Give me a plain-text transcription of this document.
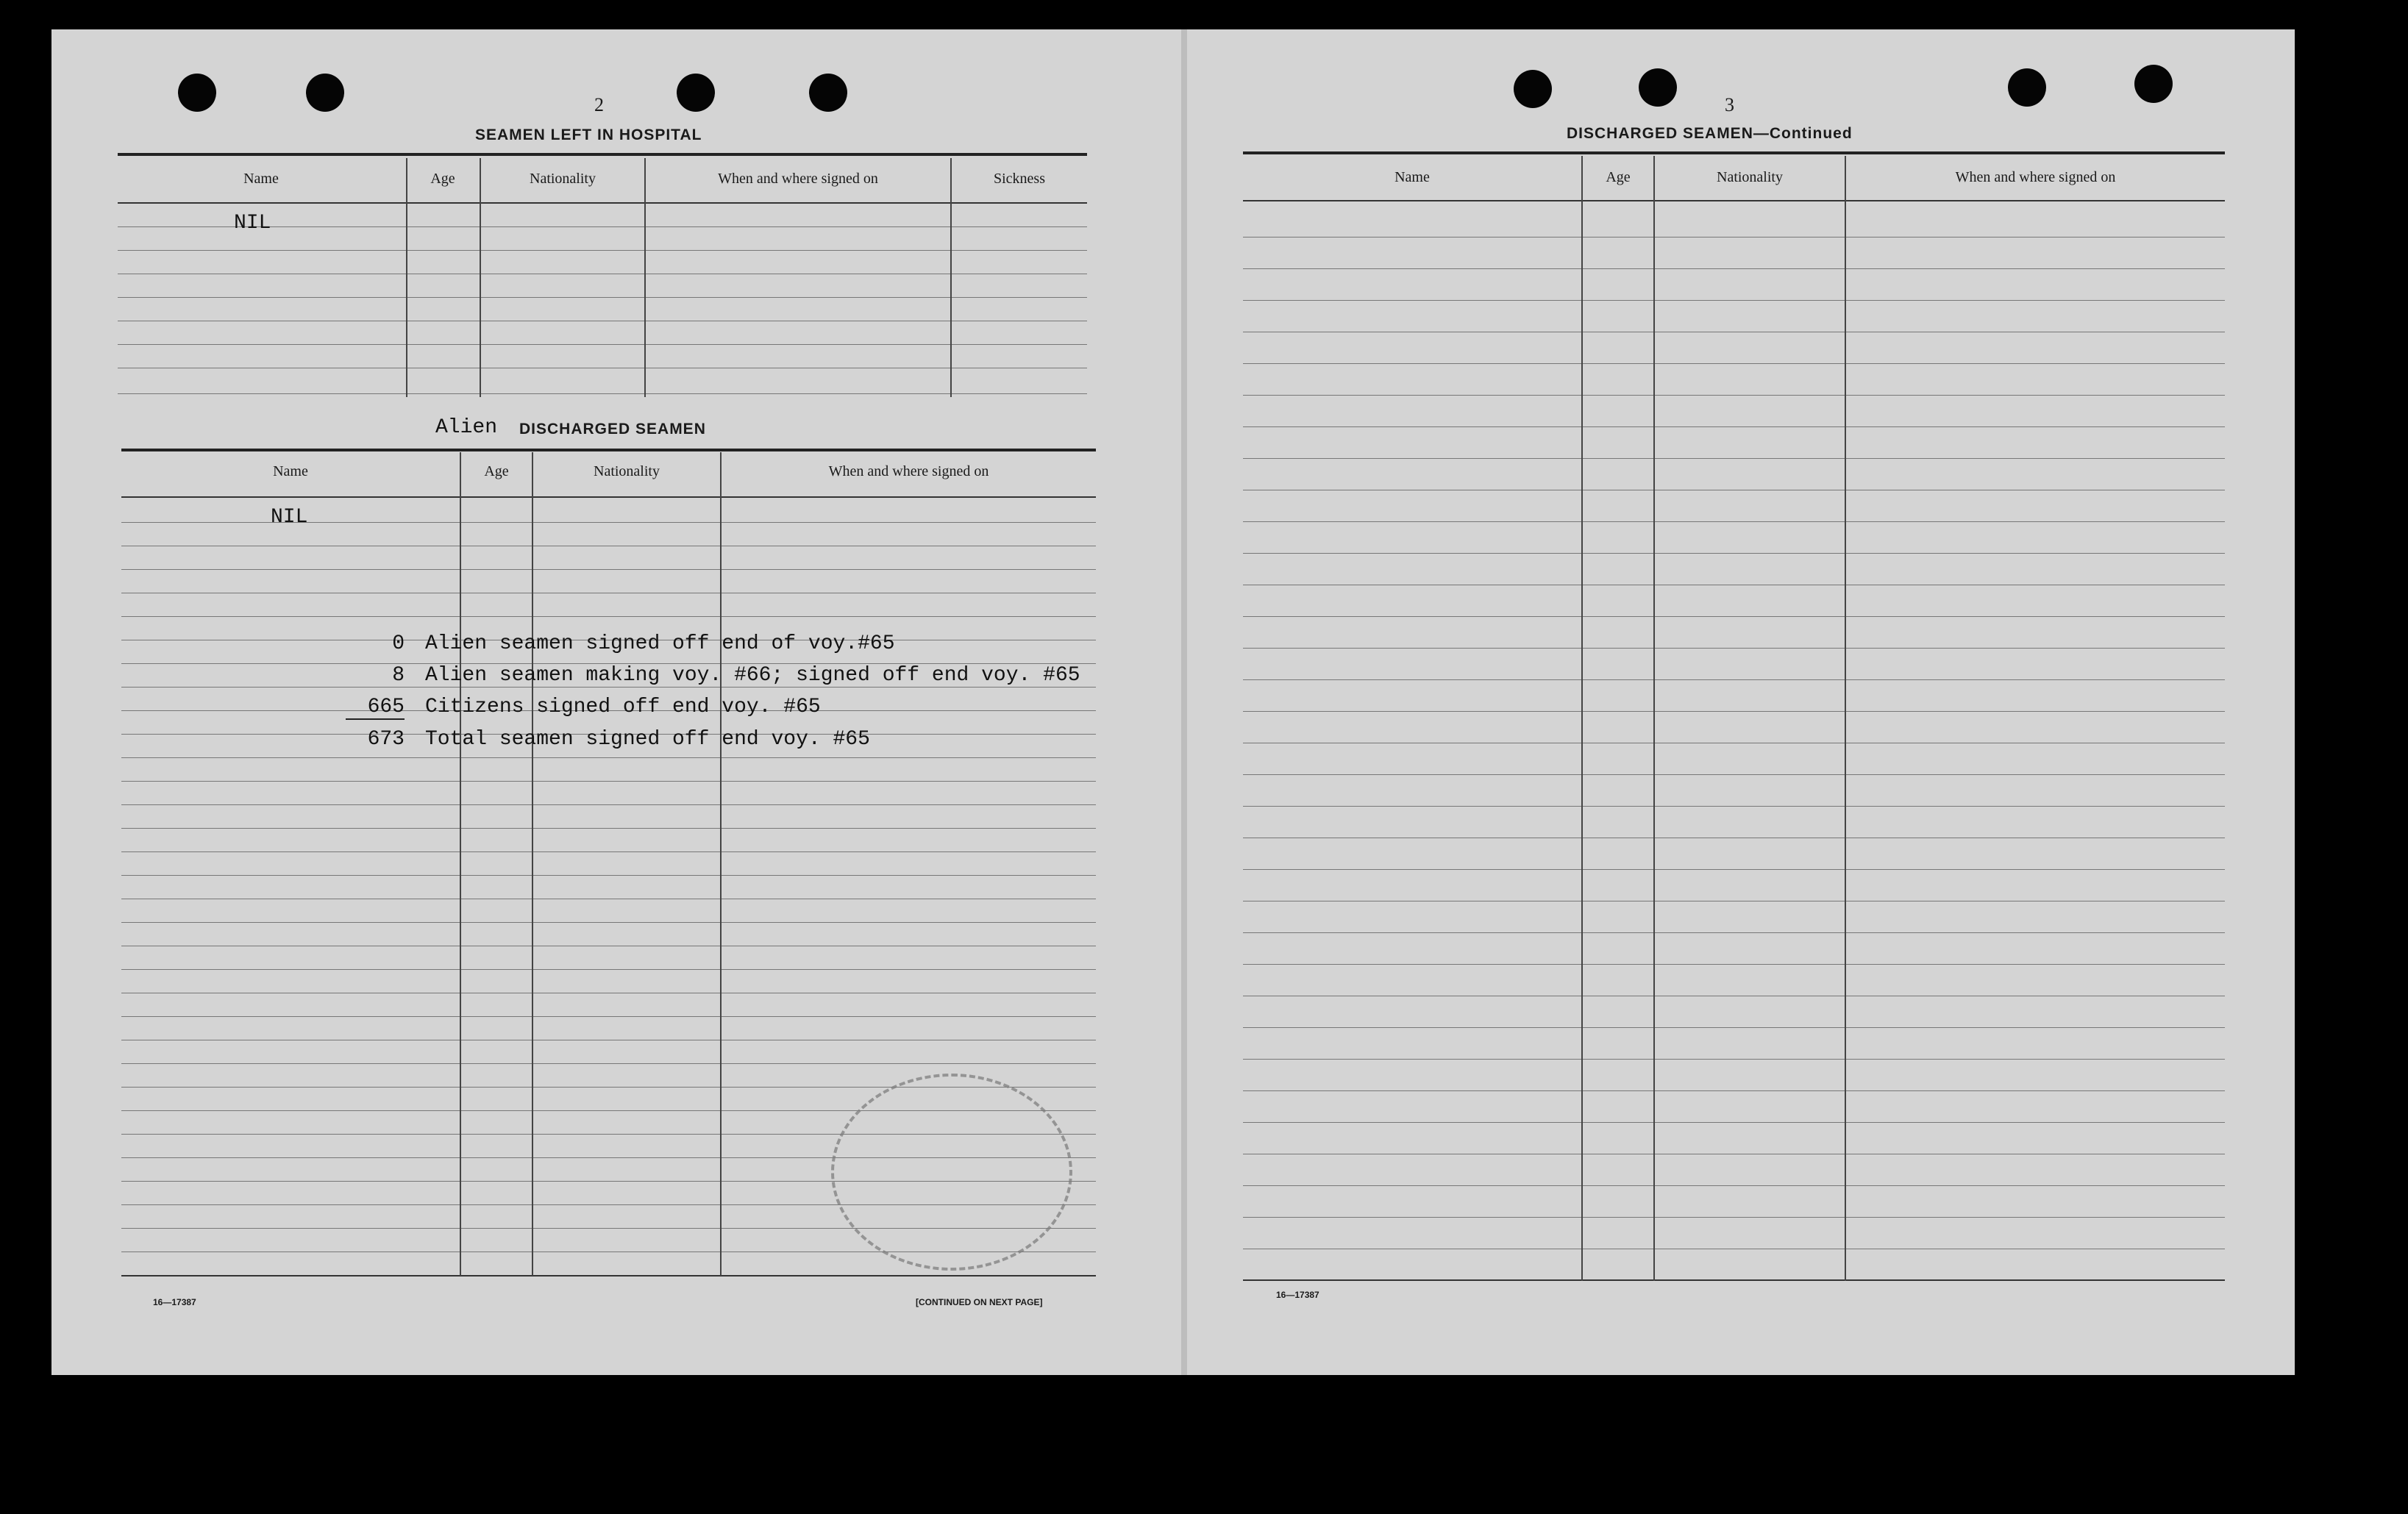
2
SEAMEN LEFT IN HOSPITAL
Name	Age	Nationality	When and where signed on	Sickness
NIL
Alien DISCHARGED SEAMEN
Name	Age	Nationality	When and where signed on
NIL
0 Alien seamen signed off end of voy.#65
8 Alien seamen making voy. #66; signed off end voy. #65
665 Citizens signed off end voy. #65
673 Total seamen signed off end voy. #65
16—17387	[CONTINUED ON NEXT PAGE]
3
DISCHARGED SEAMEN—Continued
Name	Age	Nationality	When and where signed on
16—17387
